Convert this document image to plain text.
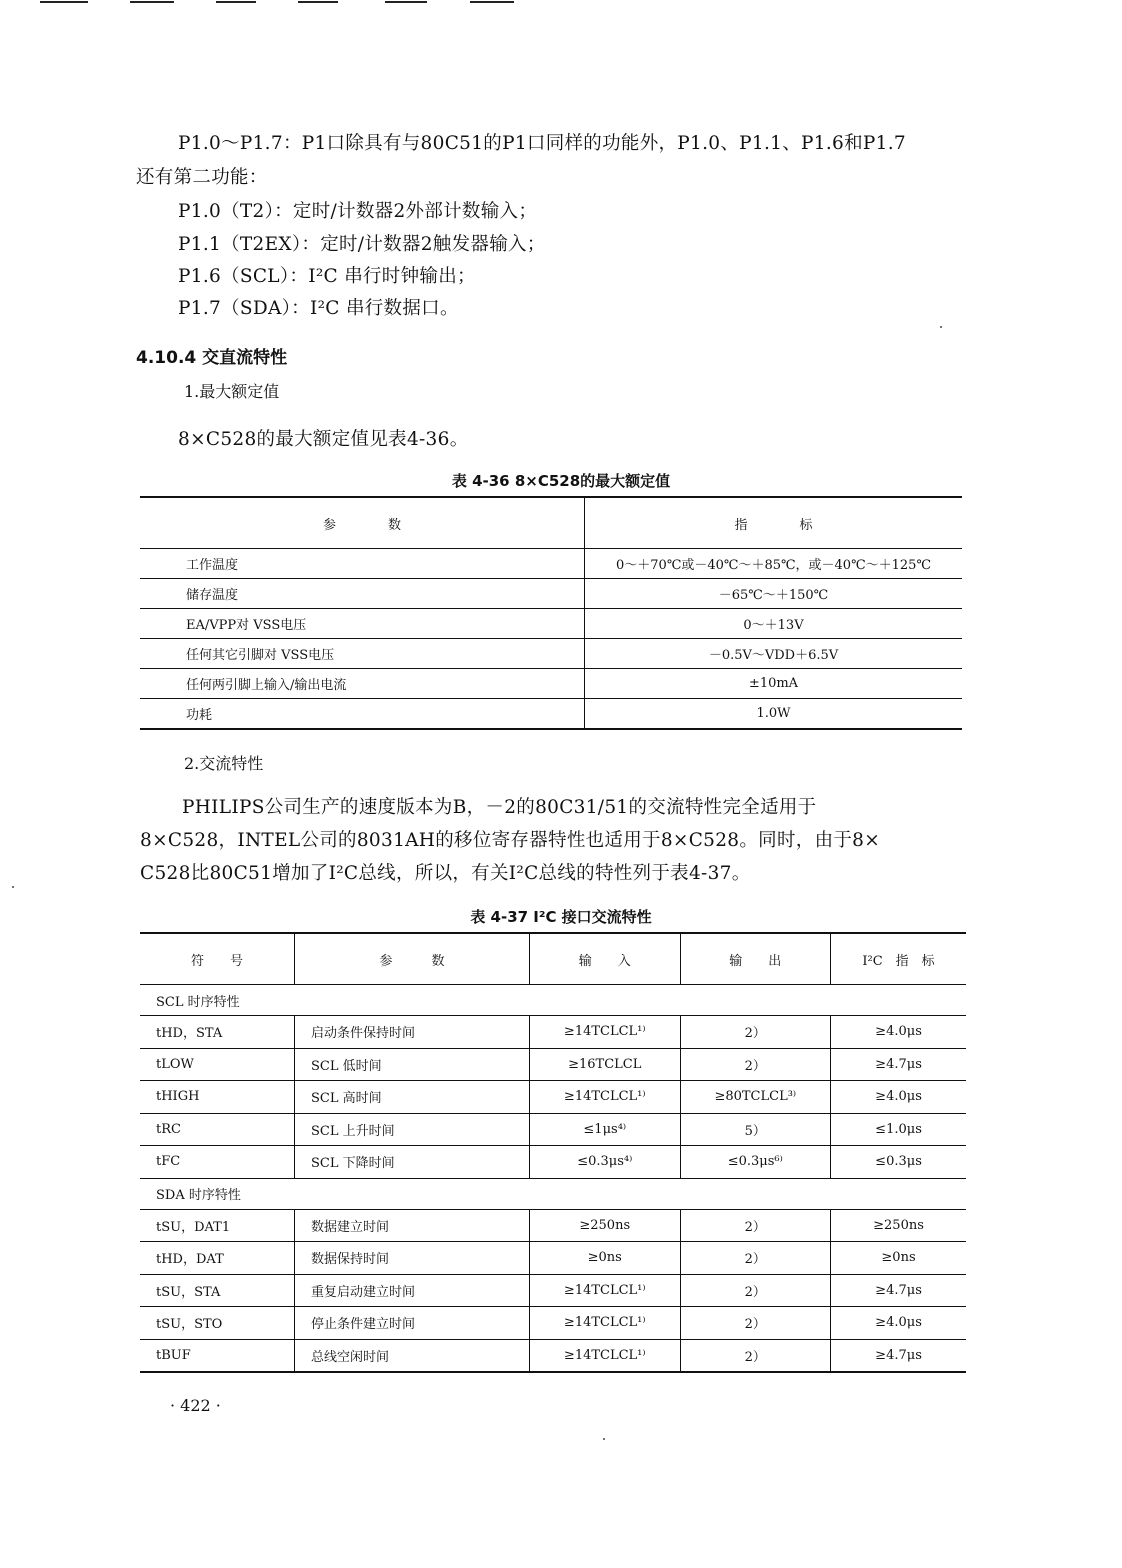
P1.0～P1.7：P1口除具有与80C51的P1口同样的功能外，P1.0、P1.1、P1.6和P1.7
还有第二功能：
P1.0（T2）：定时/计数器2外部计数输入；
P1.1（T2EX）：定时/计数器2触发器输入；
P1.6（SCL）：I²C 串行时钟输出；
P1.7（SDA）：I²C 串行数据口。
4.10.4 交直流特性
1.最大额定值
8×C528的最大额定值见表4-36。
表 4-36 8×C528的最大额定值
参　　　　数	指　　　　标
工作温度	0～＋70℃或－40℃～＋85℃，或－40℃～＋125℃
储存温度	－65℃～＋150℃
EA/VPP对 VSS电压	0～＋13V
任何其它引脚对 VSS电压	－0.5V～VDD＋6.5V
任何两引脚上输入/输出电流	±10mA
功耗	1.0W
2.交流特性
PHILIPS公司生产的速度版本为B，－2的80C31/51的交流特性完全适用于
8×C528，INTEL公司的8031AH的移位寄存器特性也适用于8×C528。同时，由于8×
C528比80C51增加了I²C总线，所以，有关I²C总线的特性列于表4-37。
表 4-37 I²C 接口交流特性
符　　号	参　　　数	输　　入	输　　出	I²C　指　标
SCL 时序特性				
tHD，STA	启动条件保持时间	≥14TCLCL¹⁾	2）	≥4.0μs
tLOW	SCL 低时间	≥16TCLCL	2）	≥4.7μs
tHIGH	SCL 高时间	≥14TCLCL¹⁾	≥80TCLCL³⁾	≥4.0μs
tRC	SCL 上升时间	≤1μs⁴⁾	5）	≤1.0μs
tFC	SCL 下降时间	≤0.3μs⁴⁾	≤0.3μs⁶⁾	≤0.3μs
SDA 时序特性				
tSU，DAT1	数据建立时间	≥250ns	2）	≥250ns
tHD，DAT	数据保持时间	≥0ns	2）	≥0ns
tSU，STA	重复启动建立时间	≥14TCLCL¹⁾	2）	≥4.7μs
tSU，STO	停止条件建立时间	≥14TCLCL¹⁾	2）	≥4.0μs
tBUF	总线空闲时间	≥14TCLCL¹⁾	2）	≥4.7μs
· 422 ·
